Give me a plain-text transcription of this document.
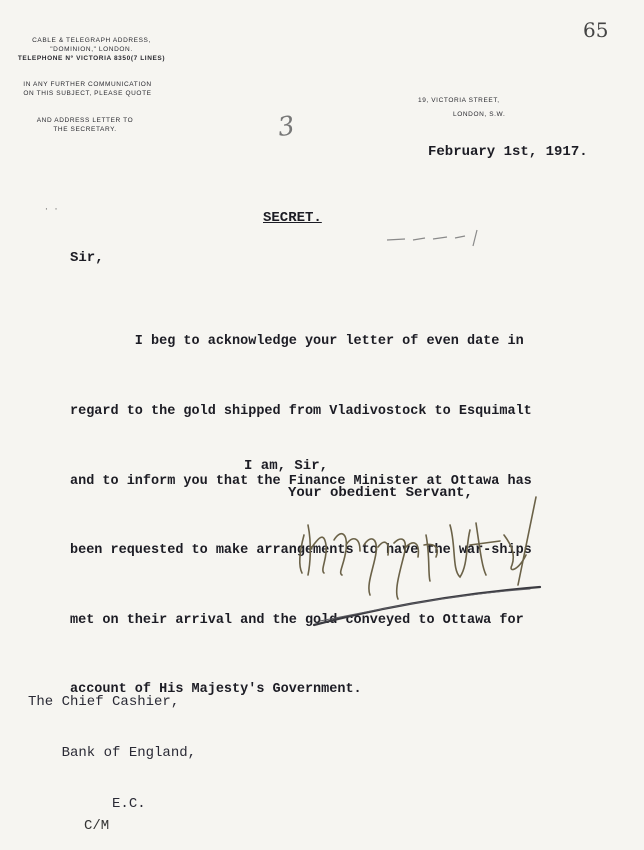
65
CABLE & TELEGRAPH ADDRESS,
"DOMINION," LONDON.
TELEPHONE Nº VICTORIA 8350(7 LINES)
IN ANY FURTHER COMMUNICATION
ON THIS SUBJECT, PLEASE QUOTE
AND ADDRESS LETTER TO
THE SECRETARY.
19, VICTORIA STREET,
LONDON, S.W.
3
· ·
February 1st, 1917.
SECRET.
Sir,

I beg to acknowledge your letter of even date in

regard to the gold shipped from Vladivostock to Esquimalt

and to inform you that the Finance Minister at Ottawa has

been requested to make arrangements to have the war-ships

met on their arrival and the gold conveyed to Ottawa for

account of His Majesty's Government.

I am, Sir,
Your obedient Servant,

The Chief Cashier,

Bank of England,

E.C.

C/M
